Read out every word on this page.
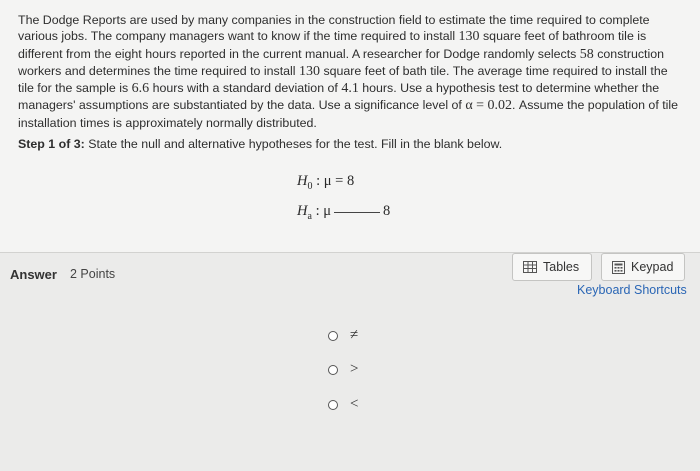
The Dodge Reports are used by many companies in the construction field to estimate the time required to complete various jobs. The company managers want to know if the time required to install 130 square feet of bathroom tile is different from the eight hours reported in the current manual. A researcher for Dodge randomly selects 58 construction workers and determines the time required to install 130 square feet of bath tile. The average time required to install the tile for the sample is 6.6 hours with a standard deviation of 4.1 hours. Use a hypothesis test to determine whether the managers' assumptions are substantiated by the data. Use a significance level of α = 0.02. Assume the population of tile installation times is approximately normally distributed.
Step 1 of 3: State the null and alternative hypotheses for the test. Fill in the blank below.
$H_0$ : μ = 8
$H_a$ : μ	8
Answer 2 Points	Tables	Keypad
Keyboard Shortcuts
≠
>
<
